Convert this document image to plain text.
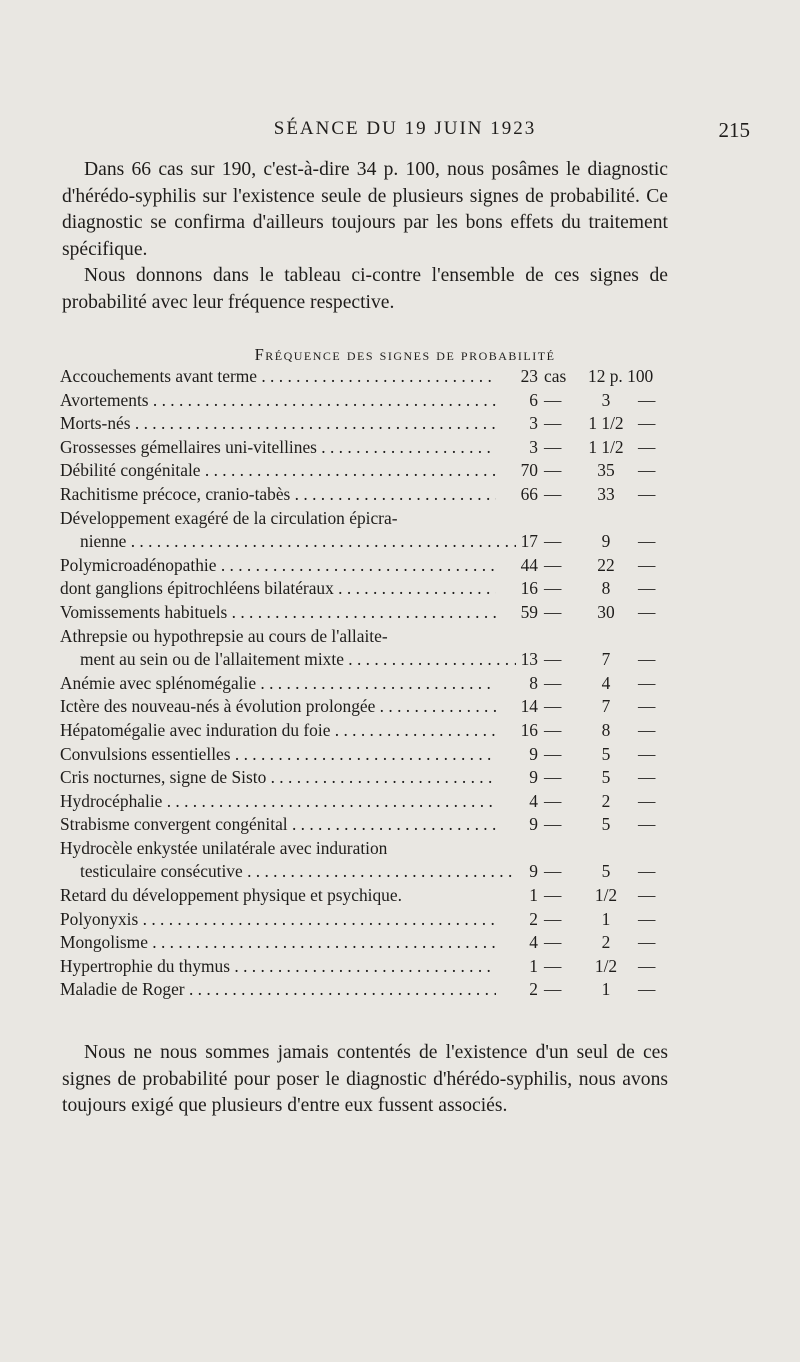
SÉANCE DU 19 JUIN 1923	215

Dans 66 cas sur 190, c'est-à-dire 34 p. 100, nous posâmes le diagnostic d'hérédo-syphilis sur l'existence seule de plusieurs signes de probabilité. Ce diagnostic se confirma d'ailleurs toujours par les bons effets du traitement spécifique.

Nous donnons dans le tableau ci-contre l'ensemble de ces signes de probabilité avec leur fréquence respective.

Fréquence des signes de probabilité
Accouchements avant terme . . .	23 cas	12 p. 100
Avortements . . .	6 —	3	—
Morts-nés . . .	3 —	1 1/2 —
Grossesses gémellaires uni-vitellines . . .	3 —	1 1/2 —
Débilité congénitale . . .	70 —	35	—
Rachitisme précoce, cranio-tabès . . .	66 —	33	—
Développement exagéré de la circulation épicra-
nienne . . .	17 —	9	—
Polymicroadénopathie . . .	44 —	22	—
dont ganglions épitrochléens bilatéraux . . .	16 —	8	—
Vomissements habituels . . .	59 —	30	—
Athrepsie ou hypothrepsie au cours de l'allaite-
ment au sein ou de l'allaitement mixte . . .	13 —	7	—
Anémie avec splénomégalie . . .	8 —	4	—
Ictère des nouveau-nés à évolution prolongée . . .	14 —	7	—
Hépatomégalie avec induration du foie . . .	16 —	8	—
Convulsions essentielles . . .	9 —	5	—
Cris nocturnes, signe de Sisto . . .	9 —	5	—
Hydrocéphalie . . .	4 —	2	—
Strabisme convergent congénital . . .	9 —	5	—
Hydrocèle enkystée unilatérale avec induration
testiculaire consécutive . . .	9 —	5	—
Retard du développement physique et psychique.	1 —	1/2	—
Polyonyxis . . .	2 —	1	—
Mongolisme . . .	4 —	2	—
Hypertrophie du thymus . . .	1 —	1/2	—
Maladie de Roger . . .	2 —	1	—

Nous ne nous sommes jamais contentés de l'existence d'un seul de ces signes de probabilité pour poser le diagnostic d'hérédo-syphilis, nous avons toujours exigé que plusieurs d'entre eux fussent associés.
